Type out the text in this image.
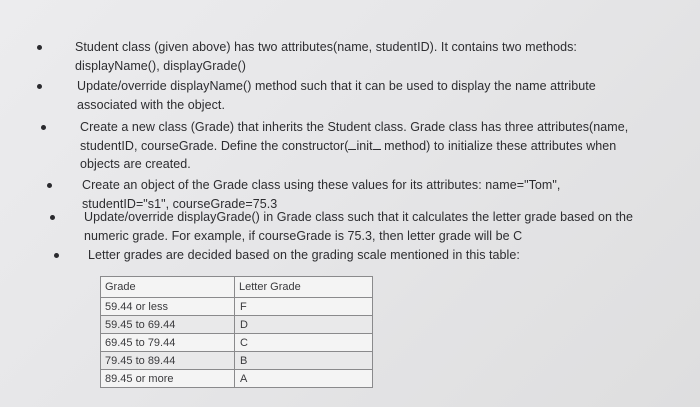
Student class (given above) has two attributes(name, studentID). It contains two methods:
displayName(), displayGrade()
Update/override displayName() method such that it can be used to display the name attribute
associated with the object.
Create a new class (Grade) that inherits the Student class. Grade class has three attributes(name,
studentID, courseGrade. Define the constructor( init method) to initialize these attributes when
objects are created.
Create an object of the Grade class using these values for its attributes: name="Tom",
studentID="s1", courseGrade=75.3
Update/override displayGrade() in Grade class such that it calculates the letter grade based on the
numeric grade. For example, if courseGrade is 75.3, then letter grade will be C
Letter grades are decided based on the grading scale mentioned in this table:
Grade	Letter Grade
59.44 or less	F
59.45 to 69.44	D
69.45 to 79.44	C
79.45 to 89.44	B
89.45 or more	A
